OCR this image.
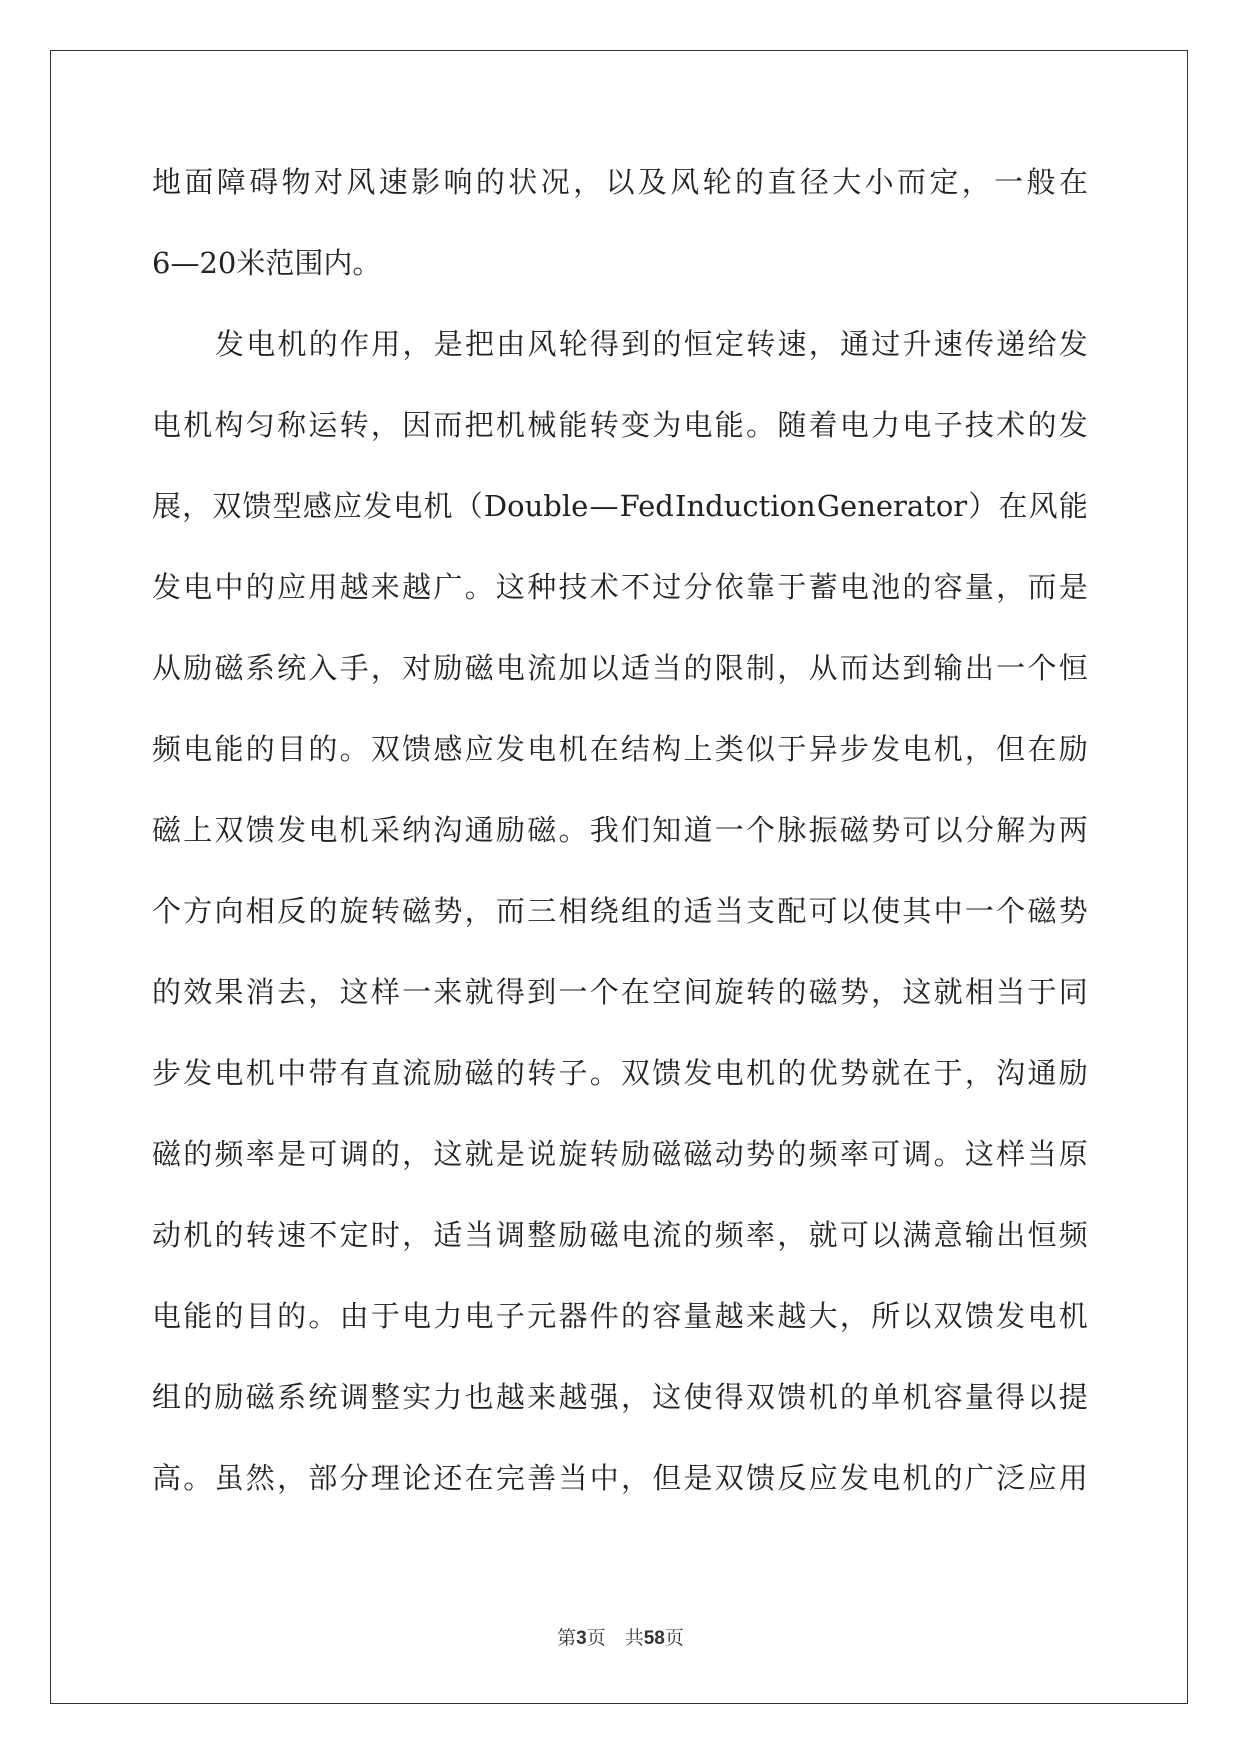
地 面 障 碍 物 对 风 速 影 响 的 状 况 ， 以 及 风 轮 的 直 径 大 小 而 定 ， 一 般 在
6—20米范围内。
发 电 机 的 作 用 ， 是 把 由 风 轮 得 到 的 恒 定 转 速 ， 通 过 升 速 传 递 给 发
电 机 构 匀 称 运 转 ， 因 而 把 机 械 能 转 变 为 电 能 。 随 着 电 力 电 子 技 术 的 发
展 ， 双 馈 型 感 应 发 电 机 （ Double — Fed Induction Generator ） 在 风 能
发 电 中 的 应 用 越 来 越 广 。 这 种 技 术 不 过 分 依 靠 于 蓄 电 池 的 容 量 ， 而 是
从 励 磁 系 统 入 手 ， 对 励 磁 电 流 加 以 适 当 的 限 制 ， 从 而 达 到 输 出 一 个 恒
频 电 能 的 目 的 。 双 馈 感 应 发 电 机 在 结 构 上 类 似 于 异 步 发 电 机 ， 但 在 励
磁 上 双 馈 发 电 机 采 纳 沟 通 励 磁 。 我 们 知 道 一 个 脉 振 磁 势 可 以 分 解 为 两
个 方 向 相 反 的 旋 转 磁 势 ， 而 三 相 绕 组 的 适 当 支 配 可 以 使 其 中 一 个 磁 势
的 效 果 消 去 ， 这 样 一 来 就 得 到 一 个 在 空 间 旋 转 的 磁 势 ， 这 就 相 当 于 同
步 发 电 机 中 带 有 直 流 励 磁 的 转 子 。 双 馈 发 电 机 的 优 势 就 在 于 ， 沟 通 励
磁 的 频 率 是 可 调 的 ， 这 就 是 说 旋 转 励 磁 磁 动 势 的 频 率 可 调 。 这 样 当 原
动 机 的 转 速 不 定 时 ， 适 当 调 整 励 磁 电 流 的 频 率 ， 就 可 以 满 意 输 出 恒 频
电 能 的 目 的 。 由 于 电 力 电 子 元 器 件 的 容 量 越 来 越 大 ， 所 以 双 馈 发 电 机
组 的 励 磁 系 统 调 整 实 力 也 越 来 越 强 ， 这 使 得 双 馈 机 的 单 机 容 量 得 以 提
高 。 虽 然 ， 部 分 理 论 还 在 完 善 当 中 ， 但 是 双 馈 反 应 发 电 机 的 广 泛 应 用
第3页　共58页
